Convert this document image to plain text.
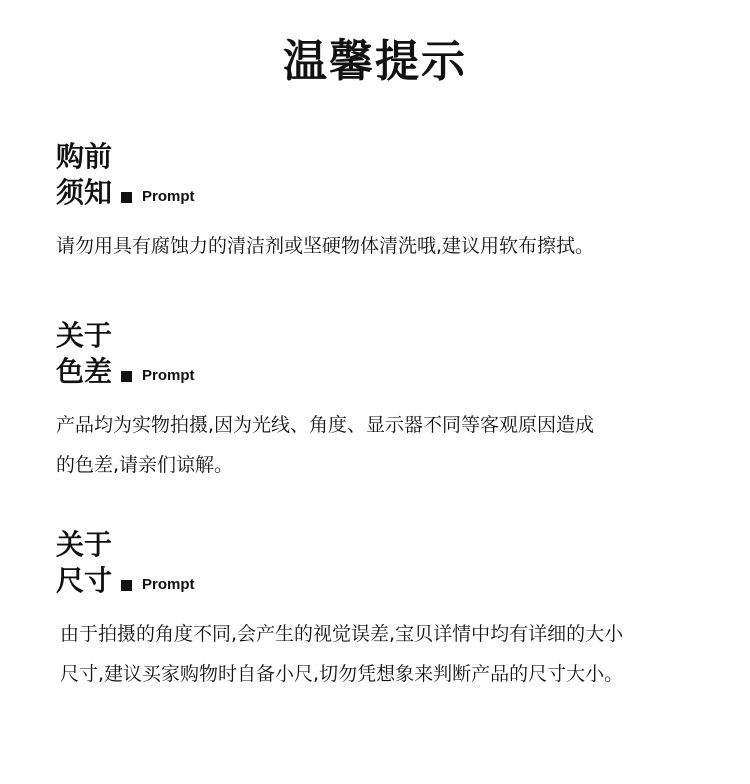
温馨提示
购前
须知 Prompt
请勿用具有腐蚀力的清洁剂或坚硬物体清洗哦,建议用软布擦拭。
关于
色差 Prompt
产品均为实物拍摄,因为光线、角度、显示器不同等客观原因造成
的色差,请亲们谅解。
关于
尺寸 Prompt
由于拍摄的角度不同,会产生的视觉误差,宝贝详情中均有详细的大小
尺寸,建议买家购物时自备小尺,切勿凭想象来判断产品的尺寸大小。
